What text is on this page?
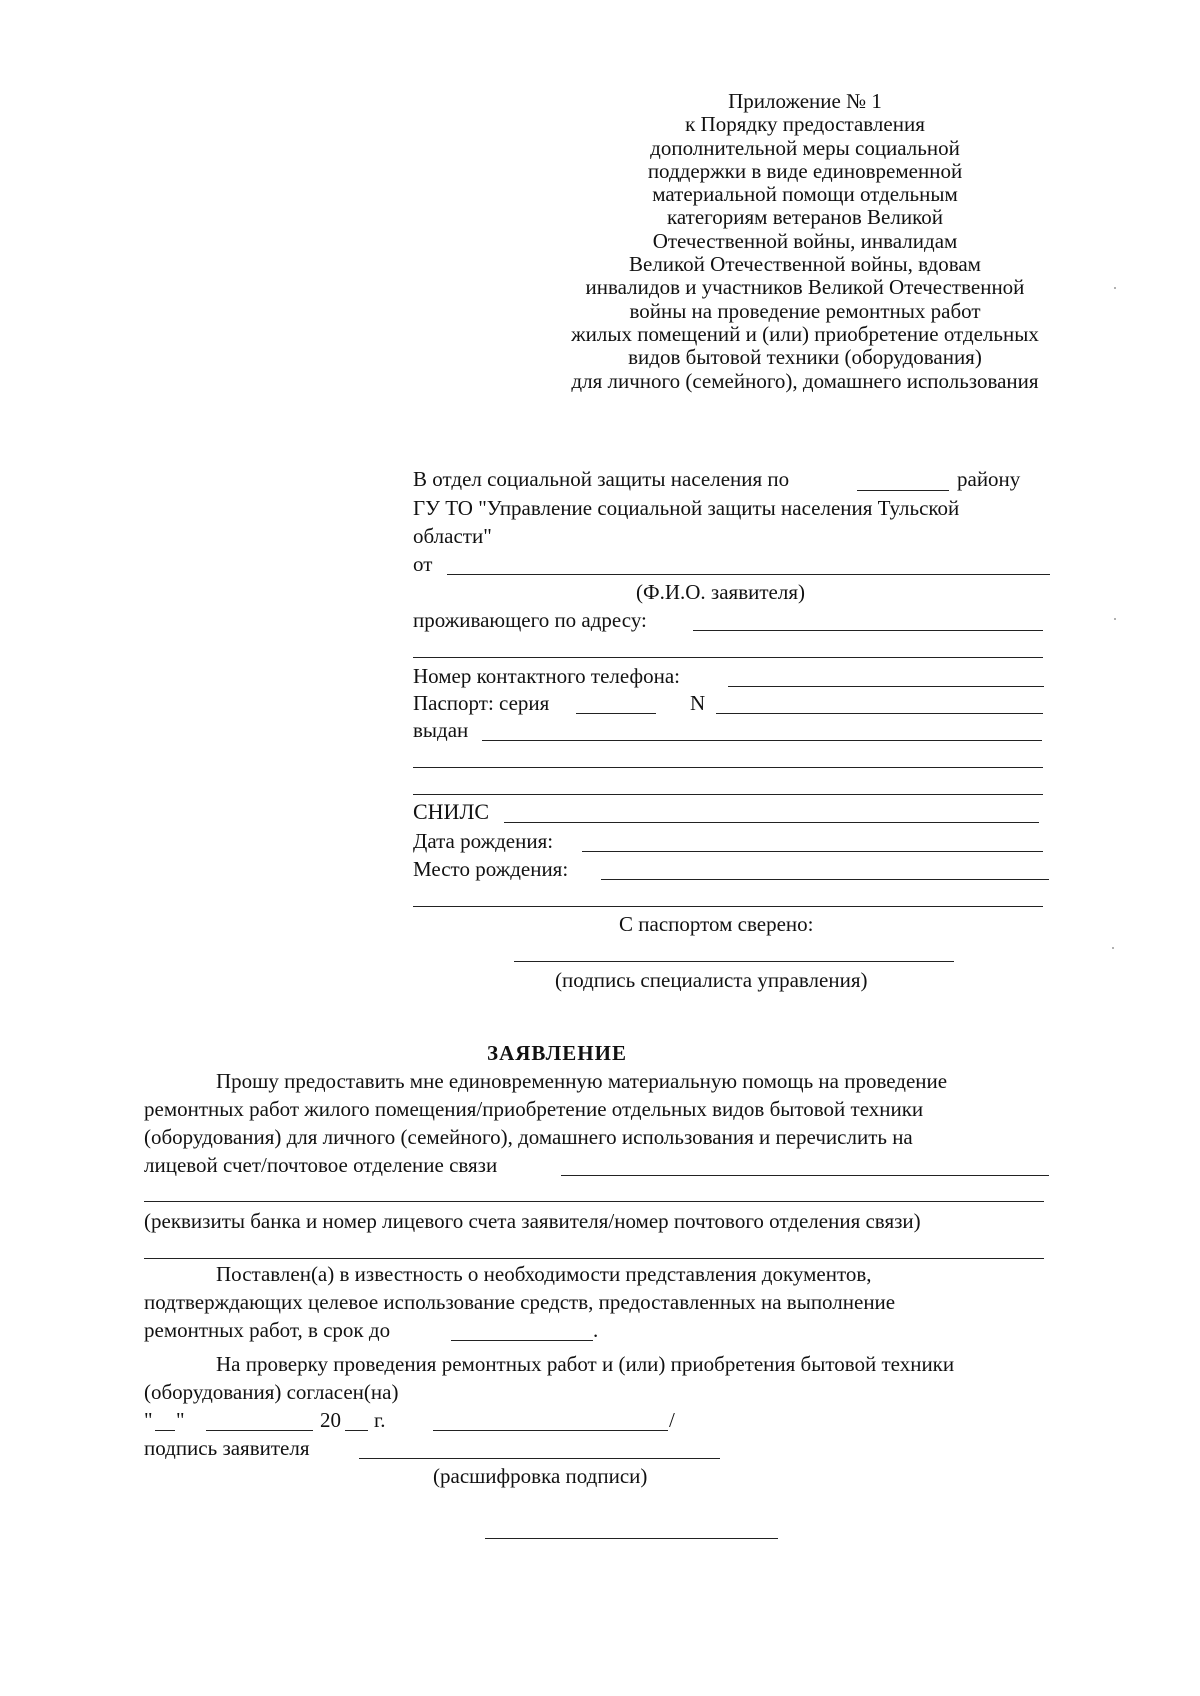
Приложение № 1
к Порядку предоставления
дополнительной меры социальной
поддержки в виде единовременной
материальной помощи отдельным
категориям ветеранов Великой
Отечественной войны, инвалидам
Великой Отечественной войны, вдовам
инвалидов и участников Великой Отечественной
войны на проведение ремонтных работ
жилых помещений и (или) приобретение отдельных
видов бытовой техники (оборудования)
для личного (семейного), домашнего использования
В отдел социальной защиты населения по	району
ГУ ТО "Управление социальной защиты населения Тульской
области"
от
(Ф.И.О. заявителя)
проживающего по адресу:
Номер контактного телефона:
Паспорт: серия	N
выдан
СНИЛС
Дата рождения:
Место рождения:
С паспортом сверено:
(подпись специалиста управления)
ЗАЯВЛЕНИЕ
Прошу предоставить мне единовременную материальную помощь на проведение
ремонтных работ жилого помещения/приобретение отдельных видов бытовой техники
(оборудования) для личного (семейного), домашнего использования и перечислить на
лицевой счет/почтовое отделение связи
(реквизиты банка и номер лицевого счета заявителя/номер почтового отделения связи)
Поставлен(а) в известность о необходимости представления документов,
подтверждающих целевое использование средств, предоставленных на выполнение
ремонтных работ, в срок до	.
На проверку проведения ремонтных работ и (или) приобретения бытовой техники
(оборудования) согласен(на)
" "	20 г.	/
подпись заявителя
(расшифровка подписи)
